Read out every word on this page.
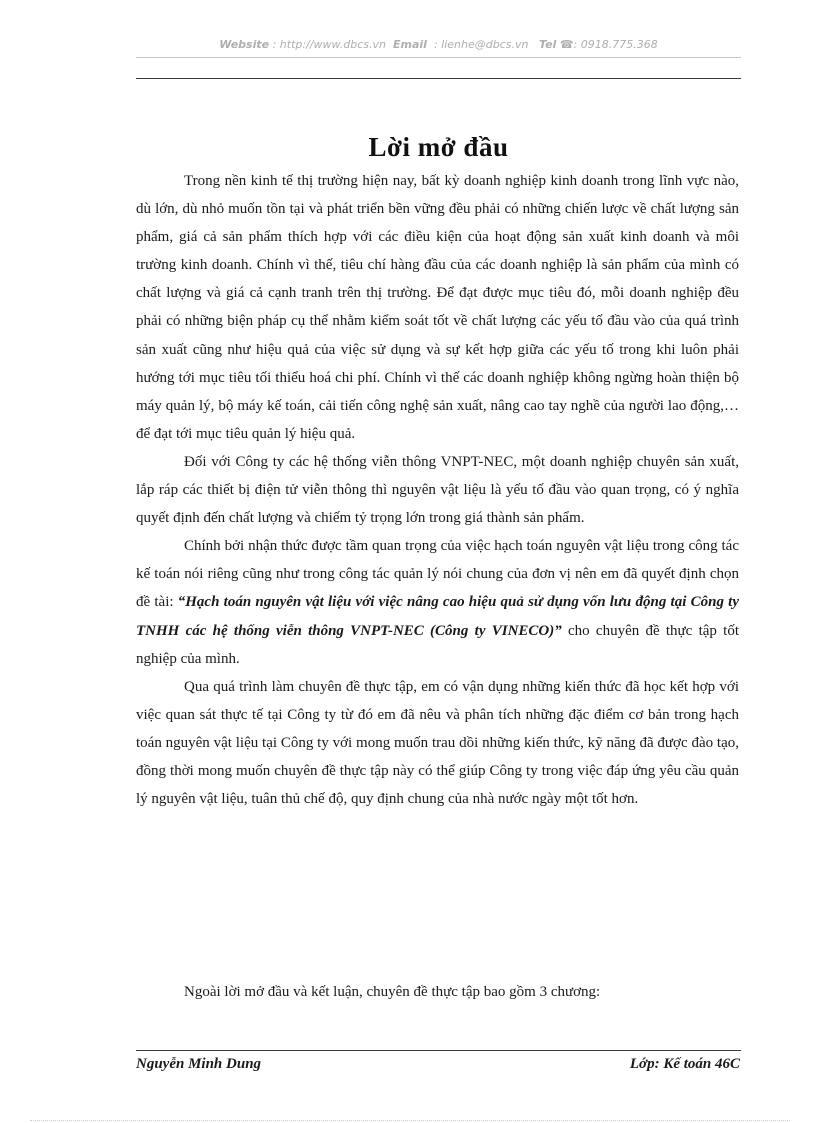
Website : http://www.dbcs.vn Email : lienhe@dbcs.vn Tel ☎: 0918.775.368
Lời mở đầu

Trong nền kinh tế thị trường hiện nay, bất kỳ doanh nghiệp kinh doanh trong lĩnh vực nào, dù lớn, dù nhỏ muốn tồn tại và phát triển bền vững đều phải có những chiến lược về chất lượng sản phẩm, giá cả sản phẩm thích hợp với các điều kiện của hoạt động sản xuất kinh doanh và môi trường kinh doanh. Chính vì thế, tiêu chí hàng đầu của các doanh nghiệp là sản phẩm của mình có chất lượng và giá cả cạnh tranh trên thị trường. Để đạt được mục tiêu đó, mỗi doanh nghiệp đều phải có những biện pháp cụ thể nhằm kiểm soát tốt về chất lượng các yếu tố đầu vào của quá trình sản xuất cũng như hiệu quả của việc sử dụng và sự kết hợp giữa các yếu tố trong khi luôn phải hướng tới mục tiêu tối thiểu hoá chi phí. Chính vì thế các doanh nghiệp không ngừng hoàn thiện bộ máy quản lý, bộ máy kế toán, cải tiến công nghệ sản xuất, nâng cao tay nghề của người lao động,… để đạt tới mục tiêu quản lý hiệu quả.

Đối với Công ty các hệ thống viễn thông VNPT-NEC, một doanh nghiệp chuyên sản xuất, lắp ráp các thiết bị điện tử viễn thông thì nguyên vật liệu là yếu tố đầu vào quan trọng, có ý nghĩa quyết định đến chất lượng và chiếm tỷ trọng lớn trong giá thành sản phẩm.

Chính bởi nhận thức được tầm quan trọng của việc hạch toán nguyên vật liệu trong công tác kế toán nói riêng cũng như trong công tác quản lý nói chung của đơn vị nên em đã quyết định chọn đề tài: “Hạch toán nguyên vật liệu với việc nâng cao hiệu quả sử dụng vốn lưu động tại Công ty TNHH các hệ thống viễn thông VNPT-NEC (Công ty VINECO)” cho chuyên đề thực tập tốt nghiệp của mình.

Qua quá trình làm chuyên đề thực tập, em có vận dụng những kiến thức đã học kết hợp với việc quan sát thực tế tại Công ty từ đó em đã nêu và phân tích những đặc điểm cơ bản trong hạch toán nguyên vật liệu tại Công ty với mong muốn trau dồi những kiến thức, kỹ năng đã được đào tạo, đồng thời mong muốn chuyên đề thực tập này có thể giúp Công ty trong việc đáp ứng yêu cầu quản lý nguyên vật liệu, tuân thủ chế độ, quy định chung của nhà nước ngày một tốt hơn.

Ngoài lời mở đầu và kết luận, chuyên đề thực tập bao gồm 3 chương:
Nguyễn Minh Dung	Lớp: Kế toán 46C
